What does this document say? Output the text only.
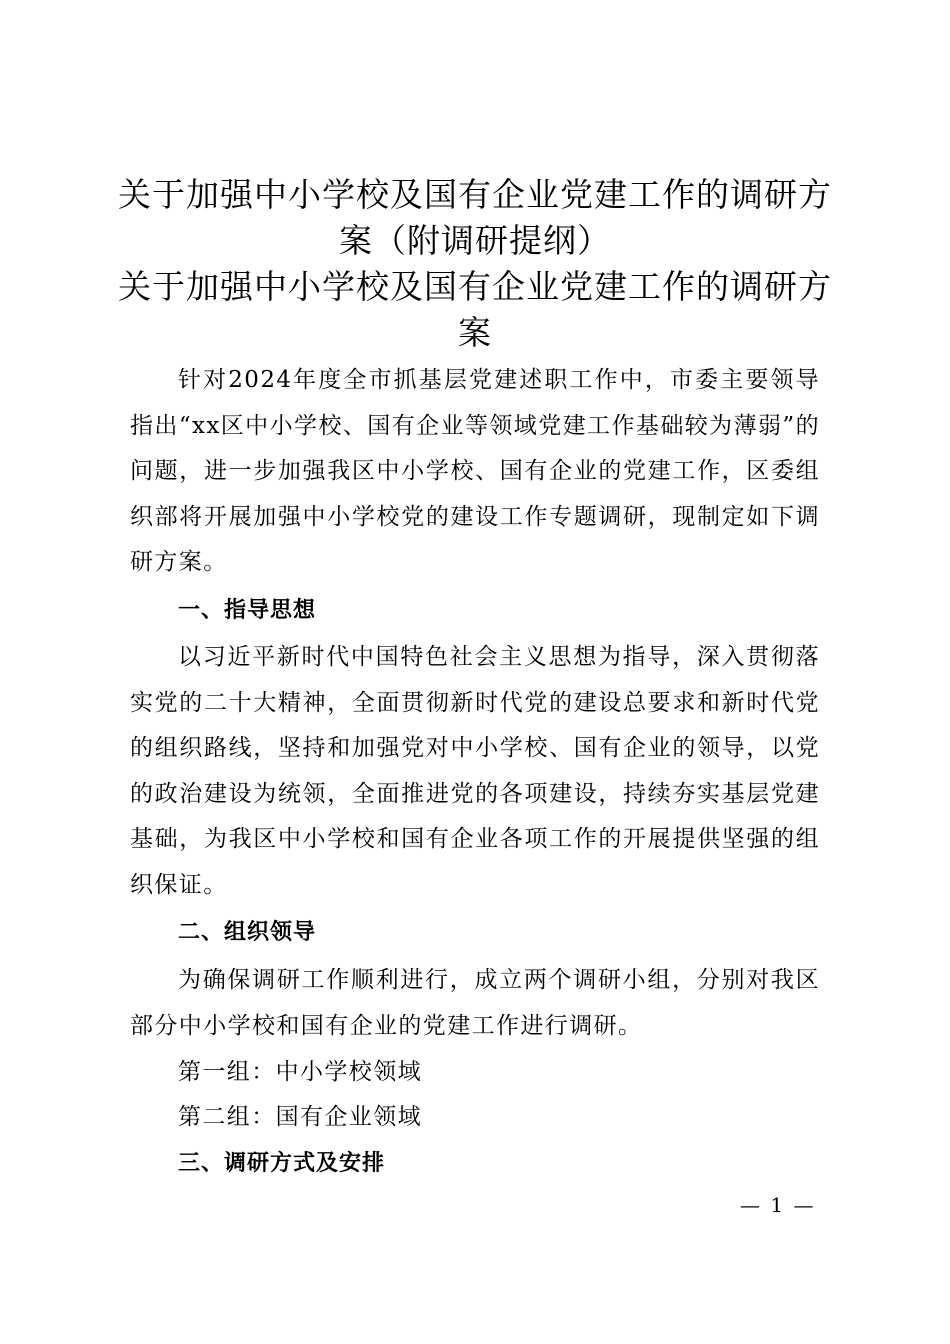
关于加强中小学校及国有企业党建工作的调研方案（附调研提纲）
关于加强中小学校及国有企业党建工作的调研方案

针对2024年度全市抓基层党建述职工作中，市委主要领导指出“xx区中小学校、国有企业等领域党建工作基础较为薄弱”的问题，进一步加强我区中小学校、国有企业的党建工作，区委组织部将开展加强中小学校党的建设工作专题调研，现制定如下调研方案。

一、指导思想

以习近平新时代中国特色社会主义思想为指导，深入贯彻落实党的二十大精神，全面贯彻新时代党的建设总要求和新时代党的组织路线，坚持和加强党对中小学校、国有企业的领导，以党的政治建设为统领，全面推进党的各项建设，持续夯实基层党建基础，为我区中小学校和国有企业各项工作的开展提供坚强的组织保证。

二、组织领导

为确保调研工作顺利进行，成立两个调研小组，分别对我区部分中小学校和国有企业的党建工作进行调研。

第一组：中小学校领域

第二组：国有企业领域

三、调研方式及安排
— 1 —
